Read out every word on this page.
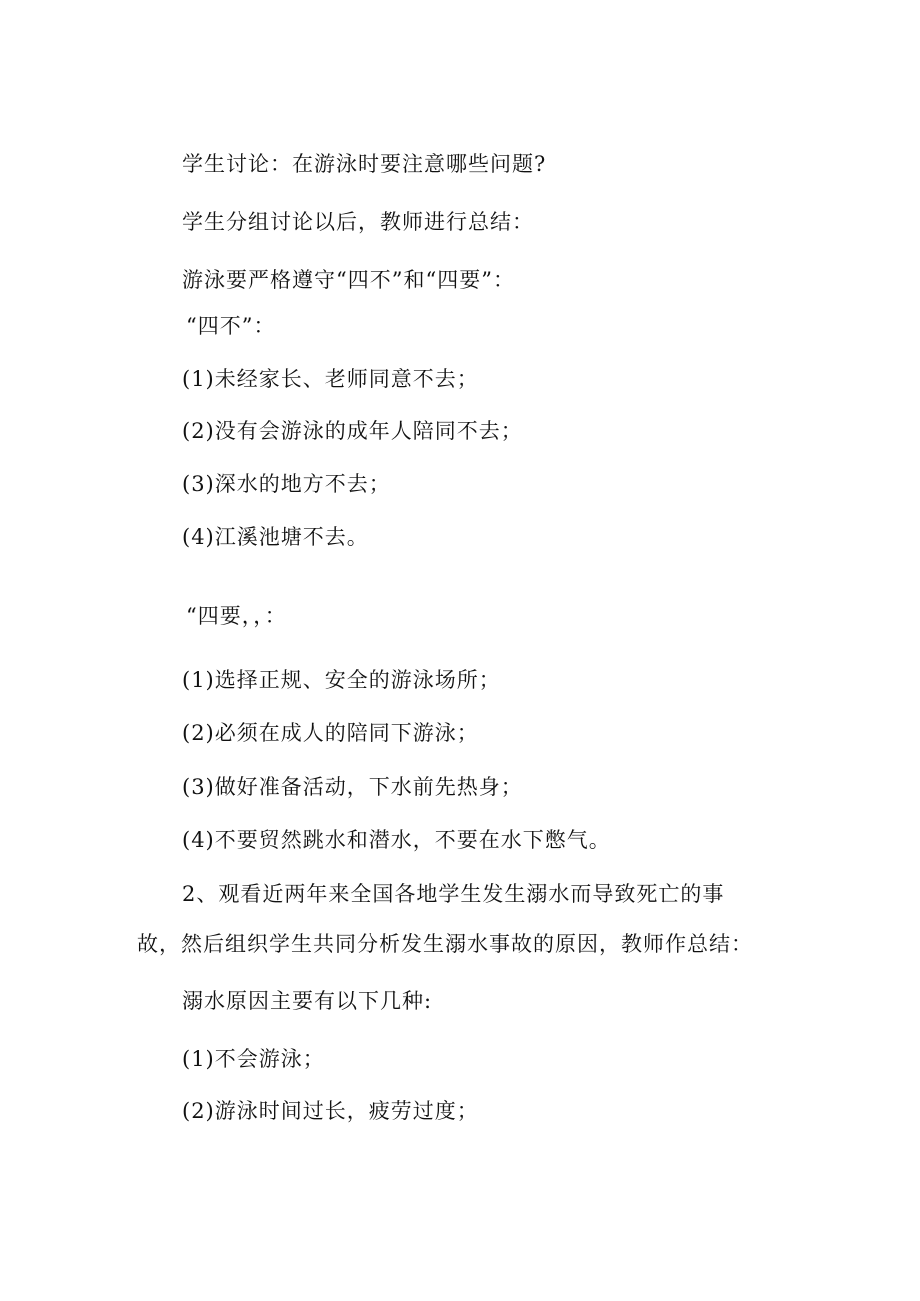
学生讨论：在游泳时要注意哪些问题?
学生分组讨论以后，教师进行总结：
游泳要严格遵守“四不”和“四要”：
“四不”：
(1)未经家长、老师同意不去；
(2)没有会游泳的成年人陪同不去；
(3)深水的地方不去；
(4)江溪池塘不去。
“四要，，：
(1)选择正规、安全的游泳场所；
(2)必须在成人的陪同下游泳；
(3)做好准备活动，下水前先热身；
(4)不要贸然跳水和潜水，不要在水下憋气。
2、观看近两年来全国各地学生发生溺水而导致死亡的事
故，然后组织学生共同分析发生溺水事故的原因，教师作总结：
溺水原因主要有以下几种:
(1)不会游泳；
(2)游泳时间过长，疲劳过度；
